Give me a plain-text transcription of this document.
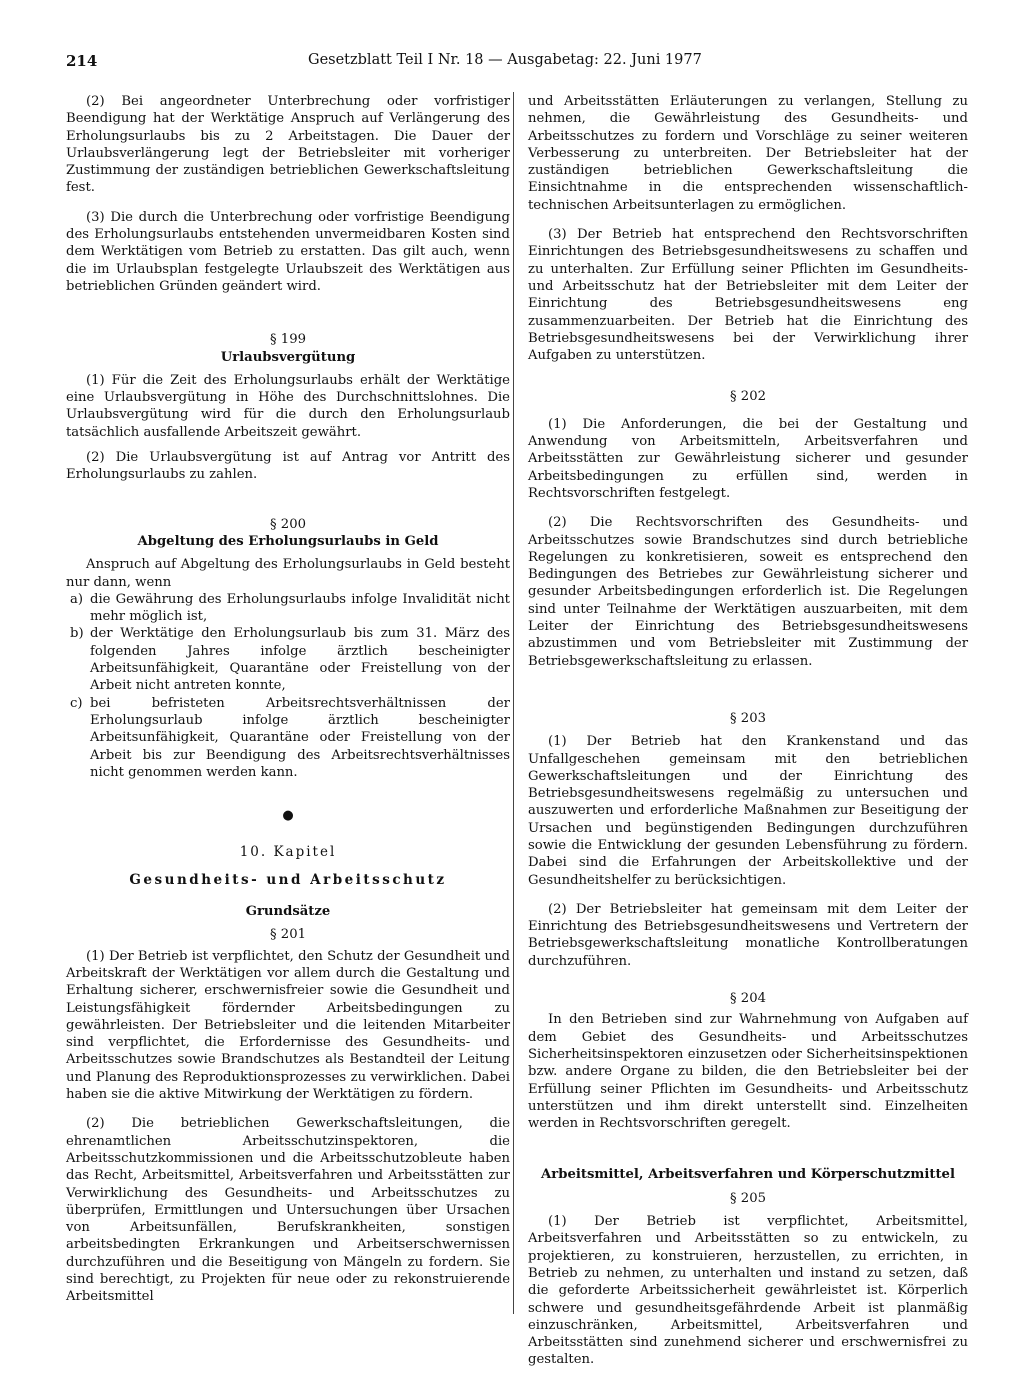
214	Gesetzblatt Teil I Nr. 18 — Ausgabetag: 22. Juni 1977

(2) Bei angeordneter Unterbrechung oder vorfristiger Beendigung hat der Werktätige Anspruch auf Verlängerung des Erholungsurlaubs bis zu 2 Arbeitstagen. Die Dauer der Urlaubsverlängerung legt der Betriebsleiter mit vorheriger Zustimmung der zuständigen betrieblichen Gewerkschaftsleitung fest.

(3) Die durch die Unterbrechung oder vorfristige Beendigung des Erholungsurlaubs entstehenden unvermeidbaren Kosten sind dem Werktätigen vom Betrieb zu erstatten. Das gilt auch, wenn die im Urlaubsplan festgelegte Urlaubszeit des Werktätigen aus betrieblichen Gründen geändert wird.

§ 199
Urlaubsvergütung

(1) Für die Zeit des Erholungsurlaubs erhält der Werktätige eine Urlaubsvergütung in Höhe des Durchschnittslohnes. Die Urlaubsvergütung wird für die durch den Erholungsurlaub tatsächlich ausfallende Arbeitszeit gewährt.

(2) Die Urlaubsvergütung ist auf Antrag vor Antritt des Erholungsurlaubs zu zahlen.

§ 200
Abgeltung des Erholungsurlaubs in Geld

Anspruch auf Abgeltung des Erholungsurlaubs in Geld besteht nur dann, wenn

a) die Gewährung des Erholungsurlaubs infolge Invalidität nicht mehr möglich ist,
b) der Werktätige den Erholungsurlaub bis zum 31. März des folgenden Jahres infolge ärztlich bescheinigter Arbeitsunfähigkeit, Quarantäne oder Freistellung von der Arbeit nicht antreten konnte,
c) bei befristeten Arbeitsrechtsverhältnissen der Erholungsurlaub infolge ärztlich bescheinigter Arbeitsunfähigkeit, Quarantäne oder Freistellung von der Arbeit bis zur Beendigung des Arbeitsrechtsverhältnisses nicht genommen werden kann.
●
10. Kapitel
Gesundheits- und Arbeitsschutz
Grundsätze
§ 201

(1) Der Betrieb ist verpflichtet, den Schutz der Gesundheit und Arbeitskraft der Werktätigen vor allem durch die Gestaltung und Erhaltung sicherer, erschwernisfreier sowie die Gesundheit und Leistungsfähigkeit fördernder Arbeitsbedingungen zu gewährleisten. Der Betriebsleiter und die leitenden Mitarbeiter sind verpflichtet, die Erfordernisse des Gesundheits- und Arbeitsschutzes sowie Brandschutzes als Bestandteil der Leitung und Planung des Reproduktionsprozesses zu verwirklichen. Dabei haben sie die aktive Mitwirkung der Werktätigen zu fördern.

(2) Die betrieblichen Gewerkschaftsleitungen, die ehrenamtlichen Arbeitsschutzinspektoren, die Arbeitsschutzkommissionen und die Arbeitsschutzobleute haben das Recht, Arbeitsmittel, Arbeitsverfahren und Arbeitsstätten zur Verwirklichung des Gesundheits- und Arbeitsschutzes zu überprüfen, Ermittlungen und Untersuchungen über Ursachen von Arbeitsunfällen, Berufskrankheiten, sonstigen arbeitsbedingten Erkrankungen und Arbeitserschwernissen durchzuführen und die Beseitigung von Mängeln zu fordern. Sie sind berechtigt, zu Projekten für neue oder zu rekonstruierende Arbeitsmittel

und Arbeitsstätten Erläuterungen zu verlangen, Stellung zu nehmen, die Gewährleistung des Gesundheits- und Arbeitsschutzes zu fordern und Vorschläge zu seiner weiteren Verbesserung zu unterbreiten. Der Betriebsleiter hat der zuständigen betrieblichen Gewerkschaftsleitung die Einsichtnahme in die entsprechenden wissenschaftlich-technischen Arbeitsunterlagen zu ermöglichen.

(3) Der Betrieb hat entsprechend den Rechtsvorschriften Einrichtungen des Betriebsgesundheitswesens zu schaffen und zu unterhalten. Zur Erfüllung seiner Pflichten im Gesundheits- und Arbeitsschutz hat der Betriebsleiter mit dem Leiter der Einrichtung des Betriebsgesundheitswesens eng zusammenzuarbeiten. Der Betrieb hat die Einrichtung des Betriebsgesundheitswesens bei der Verwirklichung ihrer Aufgaben zu unterstützen.

§ 202

(1) Die Anforderungen, die bei der Gestaltung und Anwendung von Arbeitsmitteln, Arbeitsverfahren und Arbeitsstätten zur Gewährleistung sicherer und gesunder Arbeitsbedingungen zu erfüllen sind, werden in Rechtsvorschriften festgelegt.

(2) Die Rechtsvorschriften des Gesundheits- und Arbeitsschutzes sowie Brandschutzes sind durch betriebliche Regelungen zu konkretisieren, soweit es entsprechend den Bedingungen des Betriebes zur Gewährleistung sicherer und gesunder Arbeitsbedingungen erforderlich ist. Die Regelungen sind unter Teilnahme der Werktätigen auszuarbeiten, mit dem Leiter der Einrichtung des Betriebsgesundheitswesens abzustimmen und vom Betriebsleiter mit Zustimmung der Betriebsgewerkschaftsleitung zu erlassen.

§ 203

(1) Der Betrieb hat den Krankenstand und das Unfallgeschehen gemeinsam mit den betrieblichen Gewerkschaftsleitungen und der Einrichtung des Betriebsgesundheitswesens regelmäßig zu untersuchen und auszuwerten und erforderliche Maßnahmen zur Beseitigung der Ursachen und begünstigenden Bedingungen durchzuführen sowie die Entwicklung der gesunden Lebensführung zu fördern. Dabei sind die Erfahrungen der Arbeitskollektive und der Gesundheitshelfer zu berücksichtigen.

(2) Der Betriebsleiter hat gemeinsam mit dem Leiter der Einrichtung des Betriebsgesundheitswesens und Vertretern der Betriebsgewerkschaftsleitung monatliche Kontrollberatungen durchzuführen.

§ 204

In den Betrieben sind zur Wahrnehmung von Aufgaben auf dem Gebiet des Gesundheits- und Arbeitsschutzes Sicherheitsinspektoren einzusetzen oder Sicherheitsinspektionen bzw. andere Organe zu bilden, die den Betriebsleiter bei der Erfüllung seiner Pflichten im Gesundheits- und Arbeitsschutz unterstützen und ihm direkt unterstellt sind. Einzelheiten werden in Rechtsvorschriften geregelt.

Arbeitsmittel, Arbeitsverfahren und Körperschutzmittel
§ 205

(1) Der Betrieb ist verpflichtet, Arbeitsmittel, Arbeitsverfahren und Arbeitsstätten so zu entwickeln, zu projektieren, zu konstruieren, herzustellen, zu errichten, in Betrieb zu nehmen, zu unterhalten und instand zu setzen, daß die geforderte Arbeitssicherheit gewährleistet ist. Körperlich schwere und gesundheitsgefährdende Arbeit ist planmäßig einzuschränken, Arbeitsmittel, Arbeitsverfahren und Arbeitsstätten sind zunehmend sicherer und erschwernisfrei zu gestalten.
